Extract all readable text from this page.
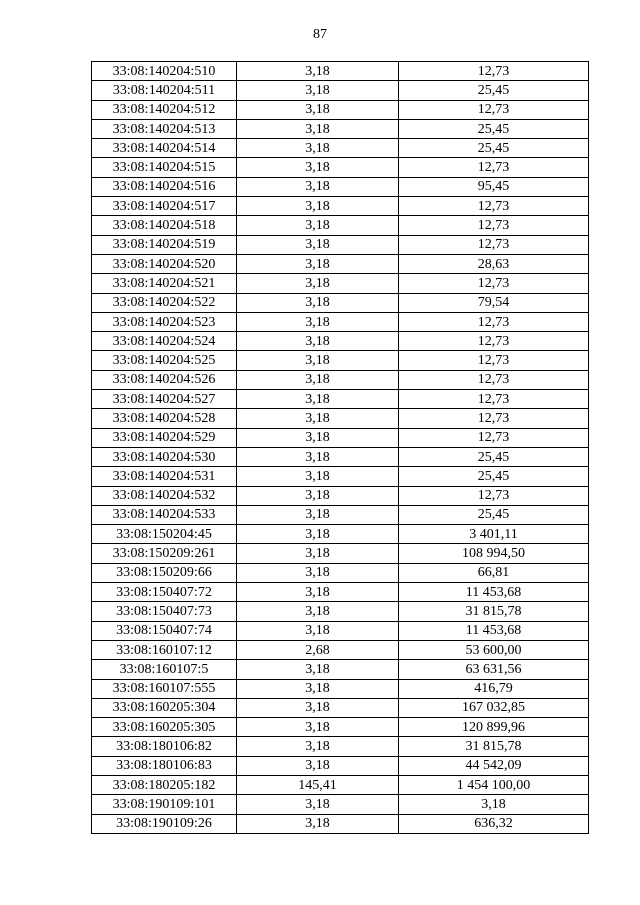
87
33:08:140204:510	3,18	12,73
33:08:140204:511	3,18	25,45
33:08:140204:512	3,18	12,73
33:08:140204:513	3,18	25,45
33:08:140204:514	3,18	25,45
33:08:140204:515	3,18	12,73
33:08:140204:516	3,18	95,45
33:08:140204:517	3,18	12,73
33:08:140204:518	3,18	12,73
33:08:140204:519	3,18	12,73
33:08:140204:520	3,18	28,63
33:08:140204:521	3,18	12,73
33:08:140204:522	3,18	79,54
33:08:140204:523	3,18	12,73
33:08:140204:524	3,18	12,73
33:08:140204:525	3,18	12,73
33:08:140204:526	3,18	12,73
33:08:140204:527	3,18	12,73
33:08:140204:528	3,18	12,73
33:08:140204:529	3,18	12,73
33:08:140204:530	3,18	25,45
33:08:140204:531	3,18	25,45
33:08:140204:532	3,18	12,73
33:08:140204:533	3,18	25,45
33:08:150204:45	3,18	3 401,11
33:08:150209:261	3,18	108 994,50
33:08:150209:66	3,18	66,81
33:08:150407:72	3,18	11 453,68
33:08:150407:73	3,18	31 815,78
33:08:150407:74	3,18	11 453,68
33:08:160107:12	2,68	53 600,00
33:08:160107:5	3,18	63 631,56
33:08:160107:555	3,18	416,79
33:08:160205:304	3,18	167 032,85
33:08:160205:305	3,18	120 899,96
33:08:180106:82	3,18	31 815,78
33:08:180106:83	3,18	44 542,09
33:08:180205:182	145,41	1 454 100,00
33:08:190109:101	3,18	3,18
33:08:190109:26	3,18	636,32
